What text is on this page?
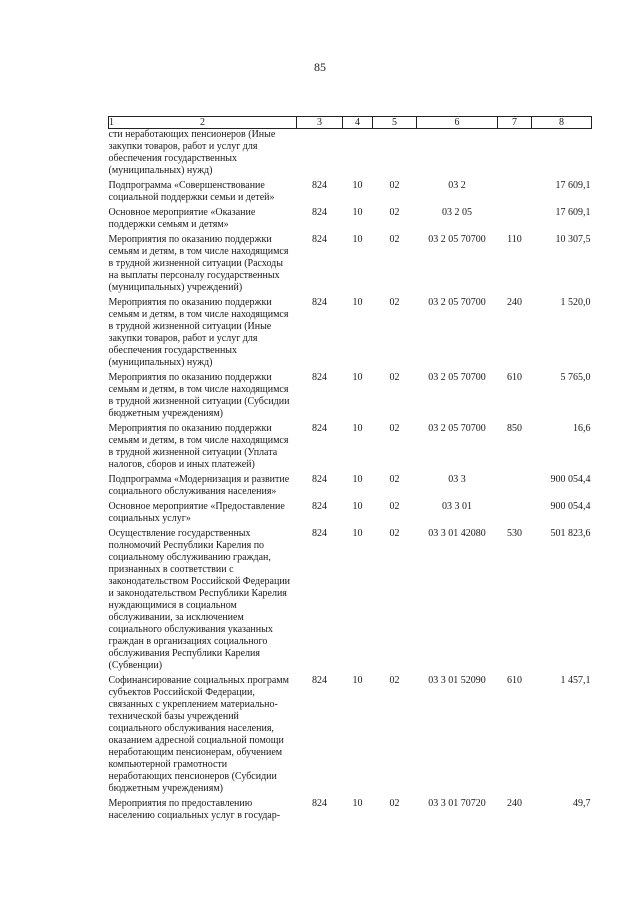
85
1	2	3	4	5	6	7	8
	сти неработающих пенсионеров (Иные закупки товаров, работ и услуг для обеспечения государственных (муниципальных) нужд)						

	Подпрограмма «Совершенствование социальной поддержки семьи и детей»	824	10	02	03 2		17 609,1

	Основное мероприятие «Оказание поддержки семьям и детям»	824	10	02	03 2 05		17 609,1

	Мероприятия по оказанию поддержки семьям и детям, в том числе находящимся в трудной жизненной ситуации (Расходы на выплаты персоналу государственных (муниципальных) учреждений)	824	10	02	03 2 05 70700	110	10 307,5

	Мероприятия по оказанию поддержки семьям и детям, в том числе находящимся в трудной жизненной ситуации (Иные закупки товаров, работ и услуг для обеспечения государственных (муниципальных) нужд)	824	10	02	03 2 05 70700	240	1 520,0

	Мероприятия по оказанию поддержки семьям и детям, в том числе находящимся в трудной жизненной ситуации (Субсидии бюджетным учреждениям)	824	10	02	03 2 05 70700	610	5 765,0

	Мероприятия по оказанию поддержки семьям и детям, в том числе находящимся в трудной жизненной ситуации (Уплата налогов, сборов и иных платежей)	824	10	02	03 2 05 70700	850	16,6

	Подпрограмма «Модернизация и развитие социального обслуживания населения»	824	10	02	03 3		900 054,4

	Основное мероприятие «Предоставление социальных услуг»	824	10	02	03 3 01		900 054,4

	Осуществление государственных полномочий Республики Карелия по социальному обслуживанию граждан, признанных в соответствии с законодательством Российской Федерации и законодательством Республики Карелия нуждающимися в социальном обслуживании, за исключением социального обслуживания указанных граждан в организациях социального обслуживания Республики Карелия (Субвенции)	824	10	02	03 3 01 42080	530	501 823,6

	Софинансирование социальных программ субъектов Российской Федерации, связанных с укреплением материально-технической базы учреждений социального обслуживания населения, оказанием адресной социальной помощи неработающим пенсионерам, обучением компьютерной грамотности неработающих пенсионеров (Субсидии бюджетным учреждениям)	824	10	02	03 3 01 52090	610	1 457,1

	Мероприятия по предоставлению населению социальных услуг в государ-	824	10	02	03 3 01 70720	240	49,7
